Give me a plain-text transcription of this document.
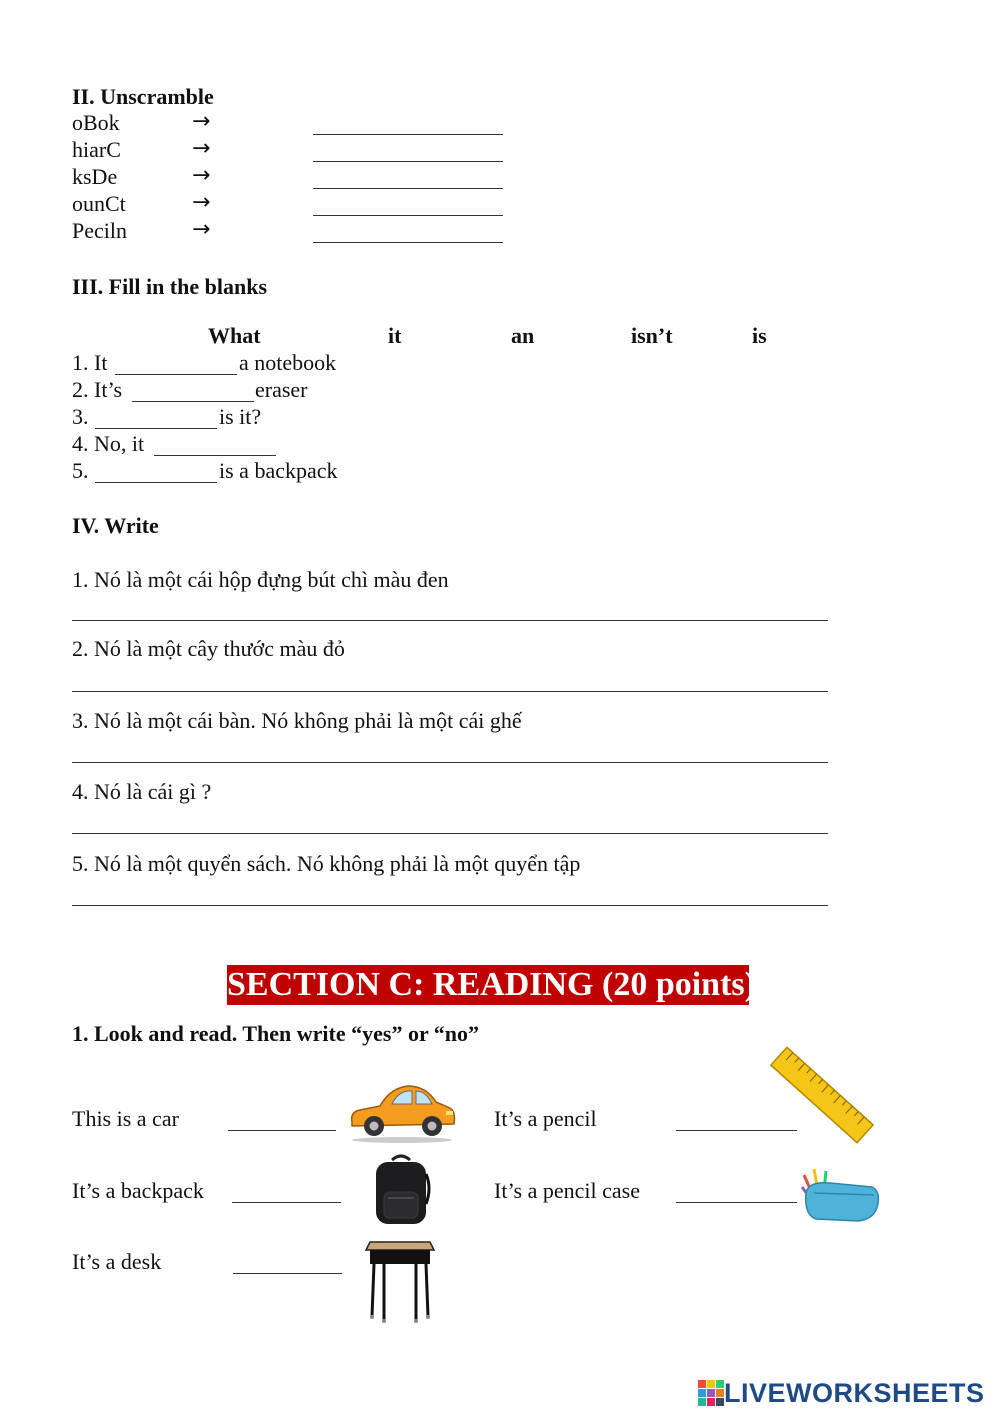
II. Unscramble
oBok	→
hiarC	→
ksDe	→
ounCt	→
Peciln	→
III. Fill in the blanks
What	it	an	isn’t	is
1. It	a notebook
2. It’s	eraser
3.	is it?
4. No, it
5.	is a backpack
IV. Write
1. Nó là một cái hộp đựng bút chì màu đen
2. Nó là một cây thước màu đỏ
3. Nó là một cái bàn. Nó không phải là một cái ghế
4. Nó là cái gì ?
5. Nó là một quyển sách. Nó không phải là một quyển tập
SECTION C: READING (20 points)
1. Look and read. Then write “yes” or “no”
This is a car	It’s a pencil
It’s a backpack	It’s a pencil case
It’s a desk
LIVEWORKSHEETS
